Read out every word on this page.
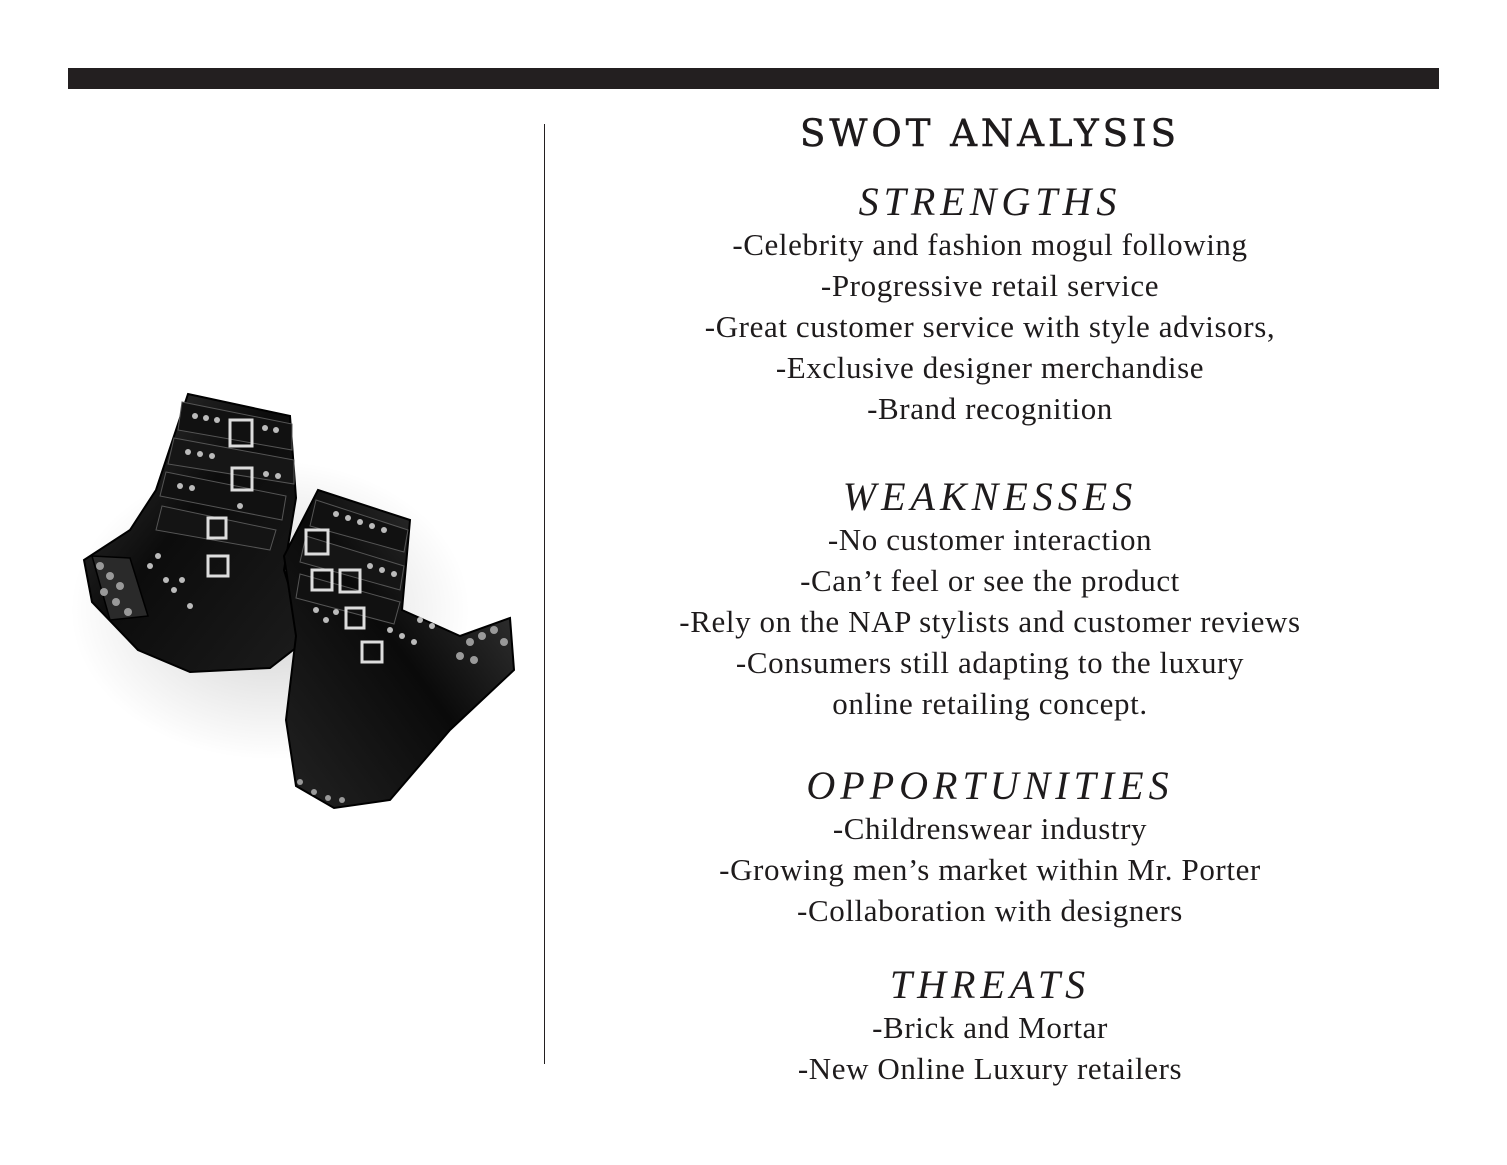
SWOT ANALYSIS
STRENGTHS

-Celebrity and fashion mogul following

-Progressive retail service

-Great customer service with style advisors,

-Exclusive designer merchandise

-Brand recognition

WEAKNESSES

-No customer interaction

-Can’t feel or see the product

-Rely on the NAP stylists and customer reviews

-Consumers still adapting to the luxury

online retailing concept.

OPPORTUNITIES

-Childrenswear industry

-Growing men’s market within Mr. Porter

-Collaboration with designers

THREATS

-Brick and Mortar

-New Online Luxury retailers
